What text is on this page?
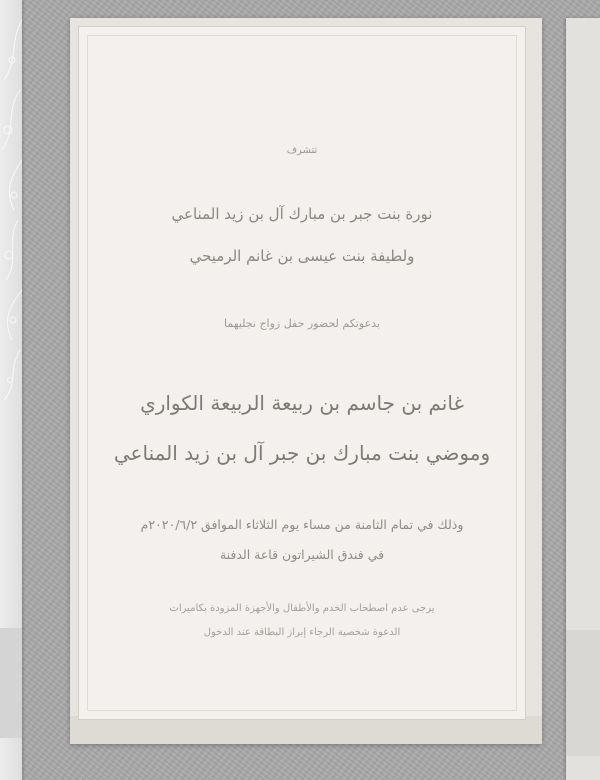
تتشرف
نورة بنت جبر بن مبارك آل بن زيد المناعي
ولطيفة بنت عيسى بن غانم الرميحي
بدعوتكم لحضور حفل زواج نجليهما
غانم بن جاسم بن ربيعة الربيعة الكواري
وموضي بنت مبارك بن جبر آل بن زيد المناعي
وذلك في تمام الثامنة من مساء يوم الثلاثاء الموافق ٢٠٢٠/٦/٢م
في فندق الشيراتون قاعة الدفنة
يرجى عدم اصطحاب الخدم والأطفال والأجهزة المزودة بكاميرات
الدعوة شخصية الرجاء إبراز البطاقة عند الدخول
